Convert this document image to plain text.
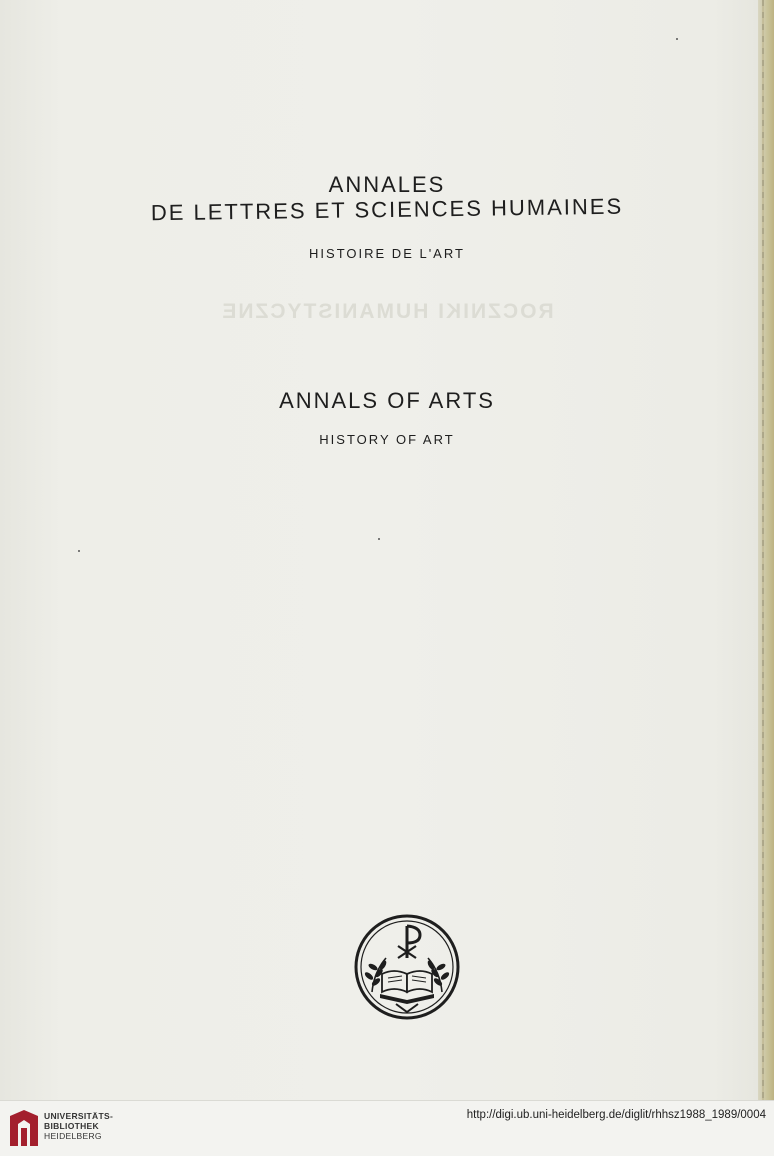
ANNALES
DE LETTRES ET SCIENCES HUMAINES
HISTOIRE DE L'ART
ROCZNIKI HUMANISTYCZNE
ANNALS OF ARTS
HISTORY OF ART
UNIVERSITÄTS-
BIBLIOTHEK
HEIDELBERG
http://digi.ub.uni-heidelberg.de/diglit/rhhsz1988_1989/0004
